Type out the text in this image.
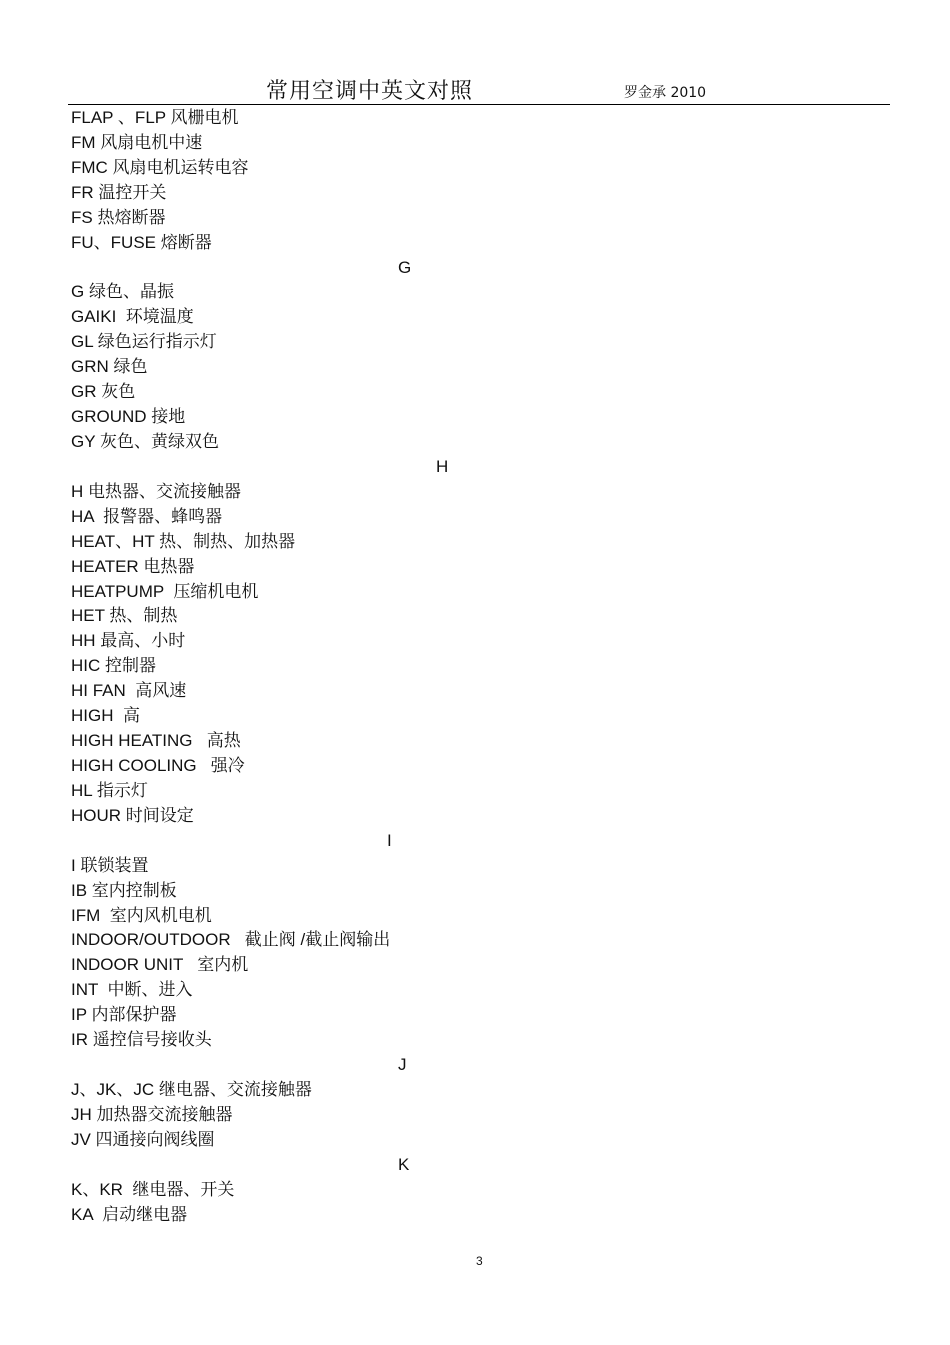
常用空调中英文对照	罗金承 2010
FLAP 、FLP 风栅电机
FM 风扇电机中速
FMC 风扇电机运转电容
FR 温控开关
FS 热熔断器
FU、FUSE 熔断器
G
G 绿色、晶振
GAIKI  环境温度
GL 绿色运行指示灯
GRN 绿色
GR 灰色
GROUND 接地
GY 灰色、黄绿双色
H
H 电热器、交流接触器
HA  报警器、蜂鸣器
HEAT、HT 热、制热、加热器
HEATER 电热器
HEATPUMP  压缩机电机
HET 热、制热
HH 最高、小时
HIC 控制器
HI FAN  高风速
HIGH  高
HIGH HEATING   高热
HIGH COOLING   强冷
HL 指示灯
HOUR 时间设定
I
I 联锁装置
IB 室内控制板
IFM  室内风机电机
INDOOR/OUTDOOR   截止阀 /截止阀输出
INDOOR UNIT   室内机
INT  中断、进入
IP 内部保护器
IR 遥控信号接收头
J
J、JK、JC 继电器、交流接触器
JH 加热器交流接触器
JV 四通接向阀线圈
K
K、KR  继电器、开关
KA  启动继电器
3
